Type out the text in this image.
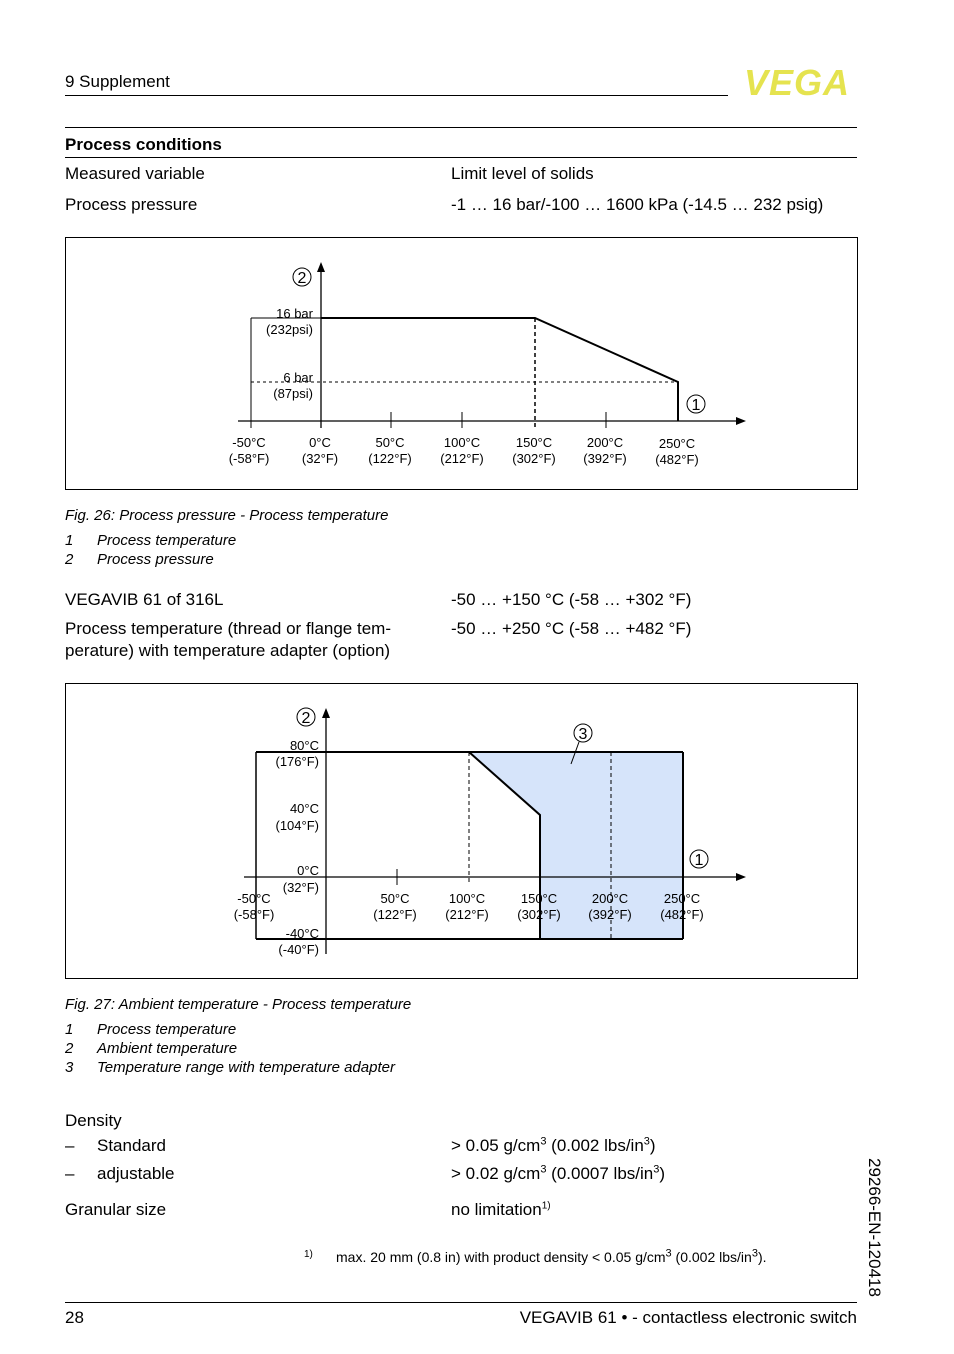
9 Supplement	VEGA
Process conditions
Measured variable	Limit level of solids
Process pressure	-1 … 16 bar/-100 … 1600 kPa (-14.5 … 232 psig)
2
1
16 bar
(232psi)
6 bar
(87psi)
-50°C
(-58°F)
0°C
(32°F)
50°C
(122°F)
100°C
(212°F)
150°C
(302°F)
200°C
(392°F)
250°C
(482°F)
Fig. 26: Process pressure - Process temperature
1 Process temperature
2 Process pressure
VEGAVIB 61 of 316L	-50 … +150 °C (-58 … +302 °F)
Process temperature (thread or flange tem-
perature) with temperature adapter (option)
-50 … +250 °C (-58 … +482 °F)
2
3
1
80°C
(176°F)
40°C
(104°F)
0°C
(32°F)
-40°C
(-40°F)
-50°C
(-58°F)
50°C
(122°F)
100°C
(212°F)
150°C
(302°F)
200°C
(392°F)
250°C
(482°F)
Fig. 27: Ambient temperature - Process temperature
1 Process temperature
2 Ambient temperature
3 Temperature range with temperature adapter
Density
– Standard	> 0.05 $g/cm^3$ (0.002 lbs/$in^3$)
– adjustable	> 0.02 $g/cm^3$ (0.0007 lbs/$in^3$)
Granular size	no limitation$^{1)}$
1) max. 20 mm (0.8 in) with product density < 0.05 $g/cm^3$ (0.002 lbs/$in^3$).	29266-EN-120418
28	VEGAVIB 61 • - contactless electronic switch
